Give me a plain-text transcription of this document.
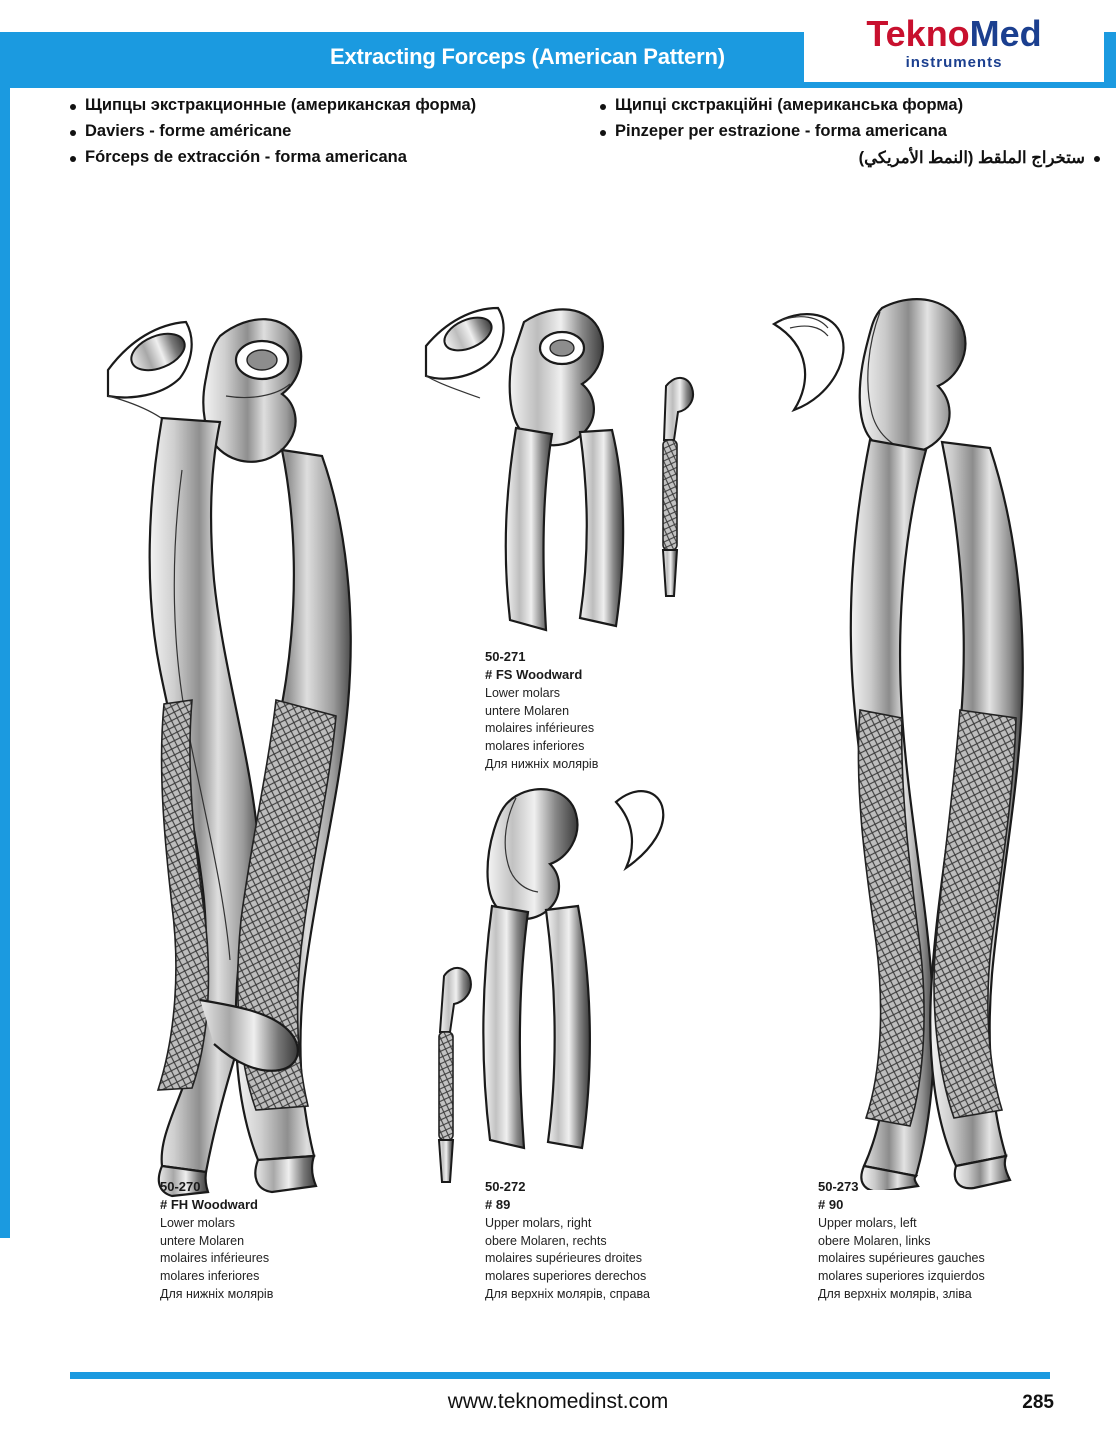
Extracting Forceps (American Pattern)
TeknoMed
instruments
Щипцы экстракционные (американская форма)
Daviers - forme américane
Fórceps de extracción - forma americana
Щипці скстракційні (американська форма)
Pinzeper per estrazione - forma americana
ستخراج الملقط (النمط الأمريكي)
50-270
# FH Woodward
Lower molars
untere Molaren
molaires inférieures
molares inferiores
Для нижніх молярів
50-271
# FS Woodward
Lower molars
untere Molaren
molaires inférieures
molares inferiores
Для нижніх молярів
50-272
# 89
Upper molars, right
obere Molaren, rechts
molaires supérieures droites
molares superiores derechos
Для верхніх молярів, справа
50-273
# 90
Upper molars, left
obere Molaren, links
molaires supérieures gauches
molares superiores izquierdos
Для верхніх молярів, зліва
www.teknomedinst.com	285
